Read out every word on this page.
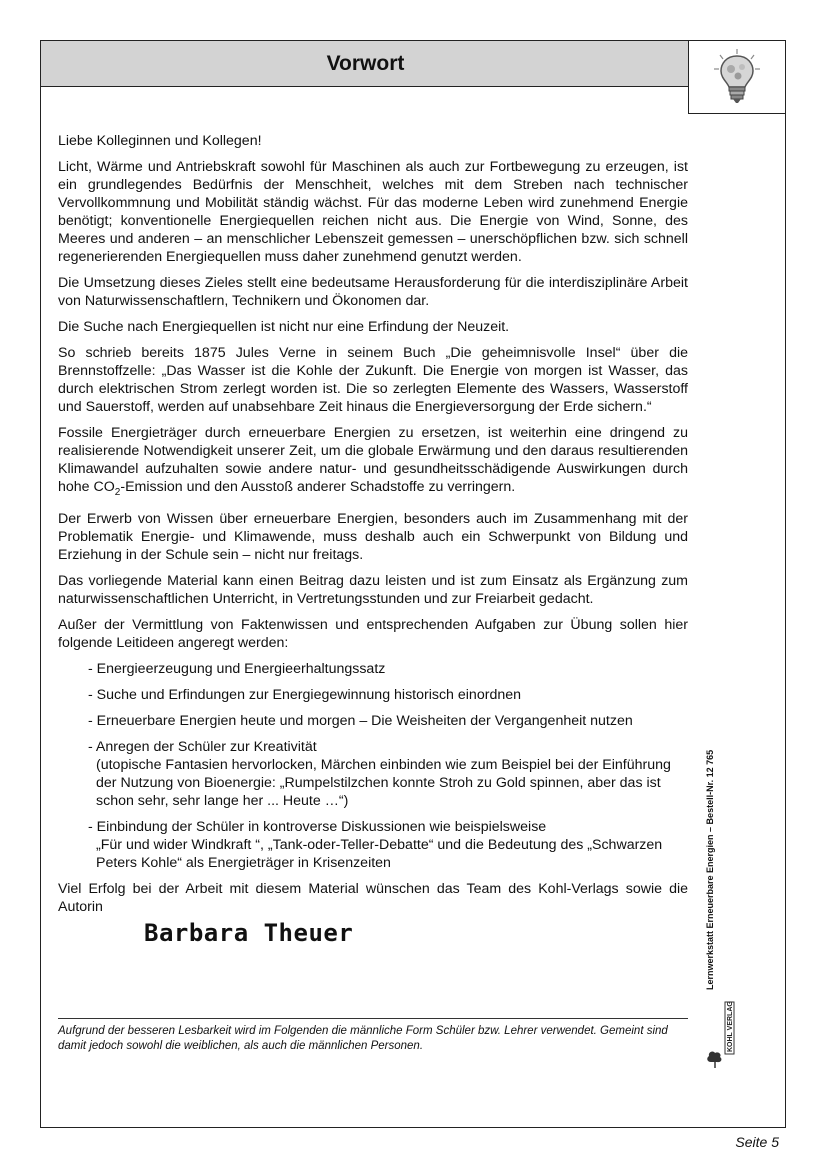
Vorwort

Liebe Kolleginnen und Kollegen!

Licht, Wärme und Antriebskraft sowohl für Maschinen als auch zur Fortbewegung zu erzeugen, ist ein grundlegendes Bedürfnis der Menschheit, welches mit dem Streben nach technischer Vervollkommnung und Mobilität ständig wächst. Für das moderne Leben wird zunehmend Energie benötigt; konventionelle Energiequellen reichen nicht aus. Die Energie von Wind, Sonne, des Meeres und anderen – an menschlicher Lebenszeit gemessen – unerschöpflichen bzw. sich schnell regenerierenden Energiequellen muss daher zunehmend genutzt werden.

Die Umsetzung dieses Zieles stellt eine bedeutsame Herausforderung für die interdisziplinäre Arbeit von Naturwissenschaftlern, Technikern und Ökonomen dar.

Die Suche nach Energiequellen ist nicht nur eine Erfindung der Neuzeit.

So schrieb bereits 1875 Jules Verne in seinem Buch „Die geheimnisvolle Insel“ über die Brennstoffzelle: „Das Wasser ist die Kohle der Zukunft. Die Energie von morgen ist Wasser, das durch elektrischen Strom zerlegt worden ist. Die so zerlegten Elemente des Wassers, Wasserstoff und Sauerstoff, werden auf unabsehbare Zeit hinaus die Energieversorgung der Erde sichern.“

Fossile Energieträger durch erneuerbare Energien zu ersetzen, ist weiterhin eine dringend zu realisierende Notwendigkeit unserer Zeit, um die globale Erwärmung und den daraus resultierenden Klimawandel aufzuhalten sowie andere natur- und gesundheitsschädigende Auswirkungen durch hohe $CO_2$-Emission und den Ausstoß anderer Schadstoffe zu verringern.

Der Erwerb von Wissen über erneuerbare Energien, besonders auch im Zusammenhang mit der Problematik Energie- und Klimawende, muss deshalb auch ein Schwerpunkt von Bildung und Erziehung in der Schule sein – nicht nur freitags.

Das vorliegende Material kann einen Beitrag dazu leisten und ist zum Einsatz als Ergänzung zum naturwissenschaftlichen Unterricht, in Vertretungsstunden und zur Freiarbeit gedacht.

Außer der Vermittlung von Faktenwissen und entsprechenden Aufgaben zur Übung sollen hier folgende Leitideen angeregt werden:

- Energieerzeugung und Energieerhaltungssatz
- Suche und Erfindungen zur Energiegewinnung historisch einordnen
- Erneuerbare Energien heute und morgen – Die Weisheiten der Vergangenheit nutzen
- Anregen der Schüler zur Kreativität
(utopische Fantasien hervorlocken, Märchen einbinden wie zum Beispiel bei der Einführung der Nutzung von Bioenergie: „Rumpelstilzchen konnte Stroh zu Gold spinnen, aber das ist schon sehr, sehr lange her ... Heute …“)
- Einbindung der Schüler in kontroverse Diskussionen wie beispielsweise
„Für und wider Windkraft “, „Tank-oder-Teller-Debatte“ und die Bedeutung des „Schwarzen Peters Kohle“ als Energieträger in Krisenzeiten

Viel Erfolg bei der Arbeit mit diesem Material wünschen das Team des Kohl-Verlags sowie die Autorin

Barbara Theuer
Aufgrund der besseren Lesbarkeit wird im Folgenden die männliche Form Schüler bzw. Lehrer verwendet. Gemeint sind damit jedoch sowohl die weiblichen, als auch die männlichen Personen.
Lernwerkstatt Erneuerbare Energien – Bestell-Nr. 12 765
KOHL VERLAG
Seite 5
